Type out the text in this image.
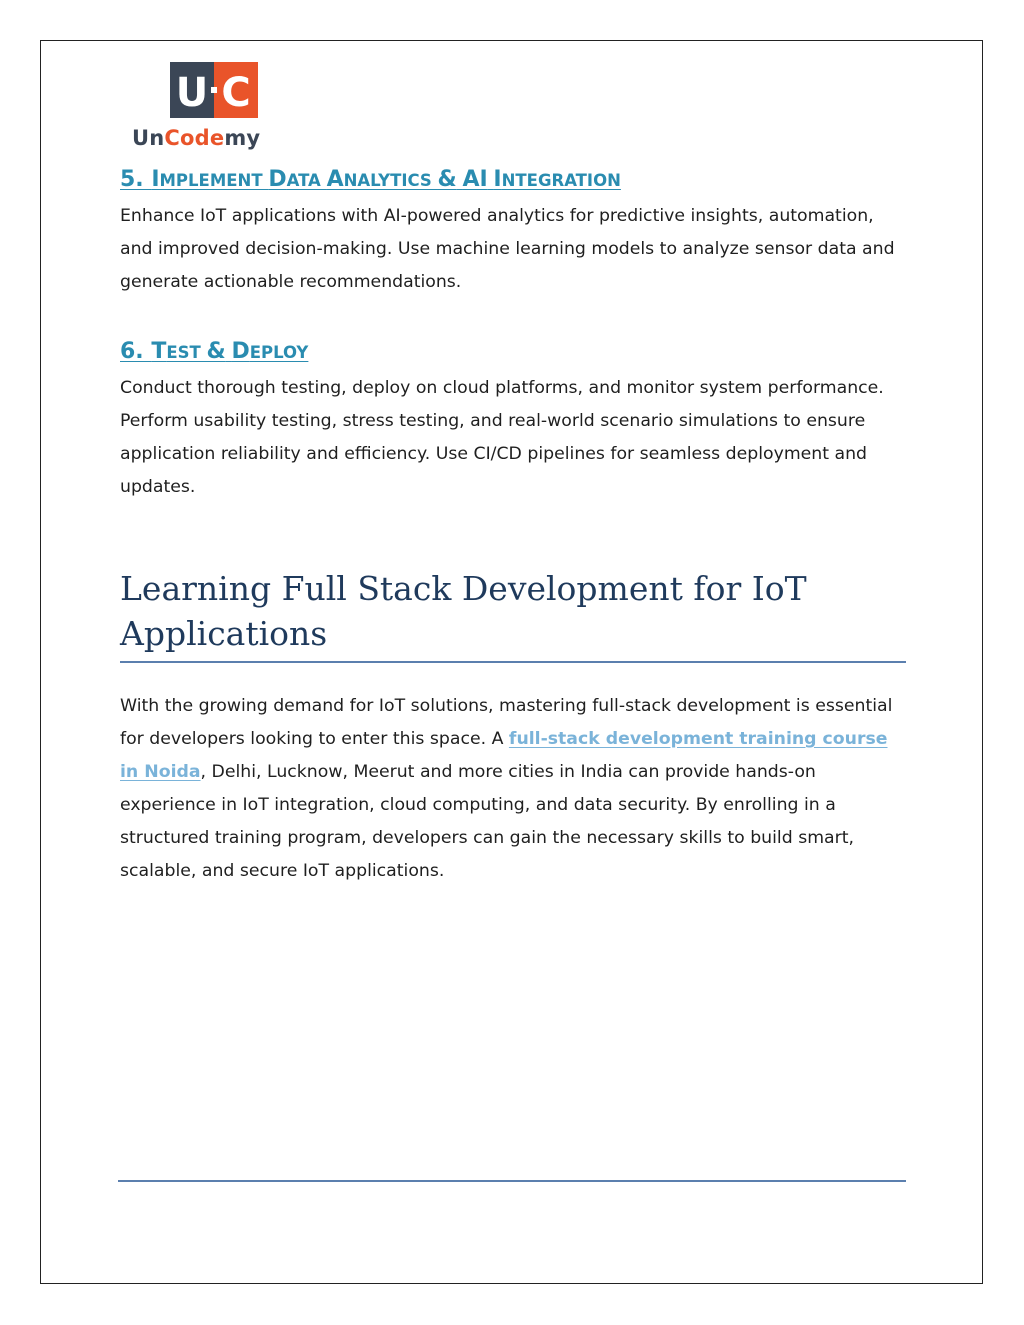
U C
UnCodemy
5. IMPLEMENT DATA ANALYTICS & AI INTEGRATION

Enhance IoT applications with AI-powered analytics for predictive insights, automation, and improved decision-making. Use machine learning models to analyze sensor data and generate actionable recommendations.

6. TEST & DEPLOY

Conduct thorough testing, deploy on cloud platforms, and monitor system performance. Perform usability testing, stress testing, and real-world scenario simulations to ensure application reliability and efficiency. Use CI/CD pipelines for seamless deployment and updates.

Learning Full Stack Development for IoT Applications

With the growing demand for IoT solutions, mastering full-stack development is essential for developers looking to enter this space. A full-stack development training course in Noida, Delhi, Lucknow, Meerut and more cities in India can provide hands-on experience in IoT integration, cloud computing, and data security. By enrolling in a structured training program, developers can gain the necessary skills to build smart, scalable, and secure IoT applications.
